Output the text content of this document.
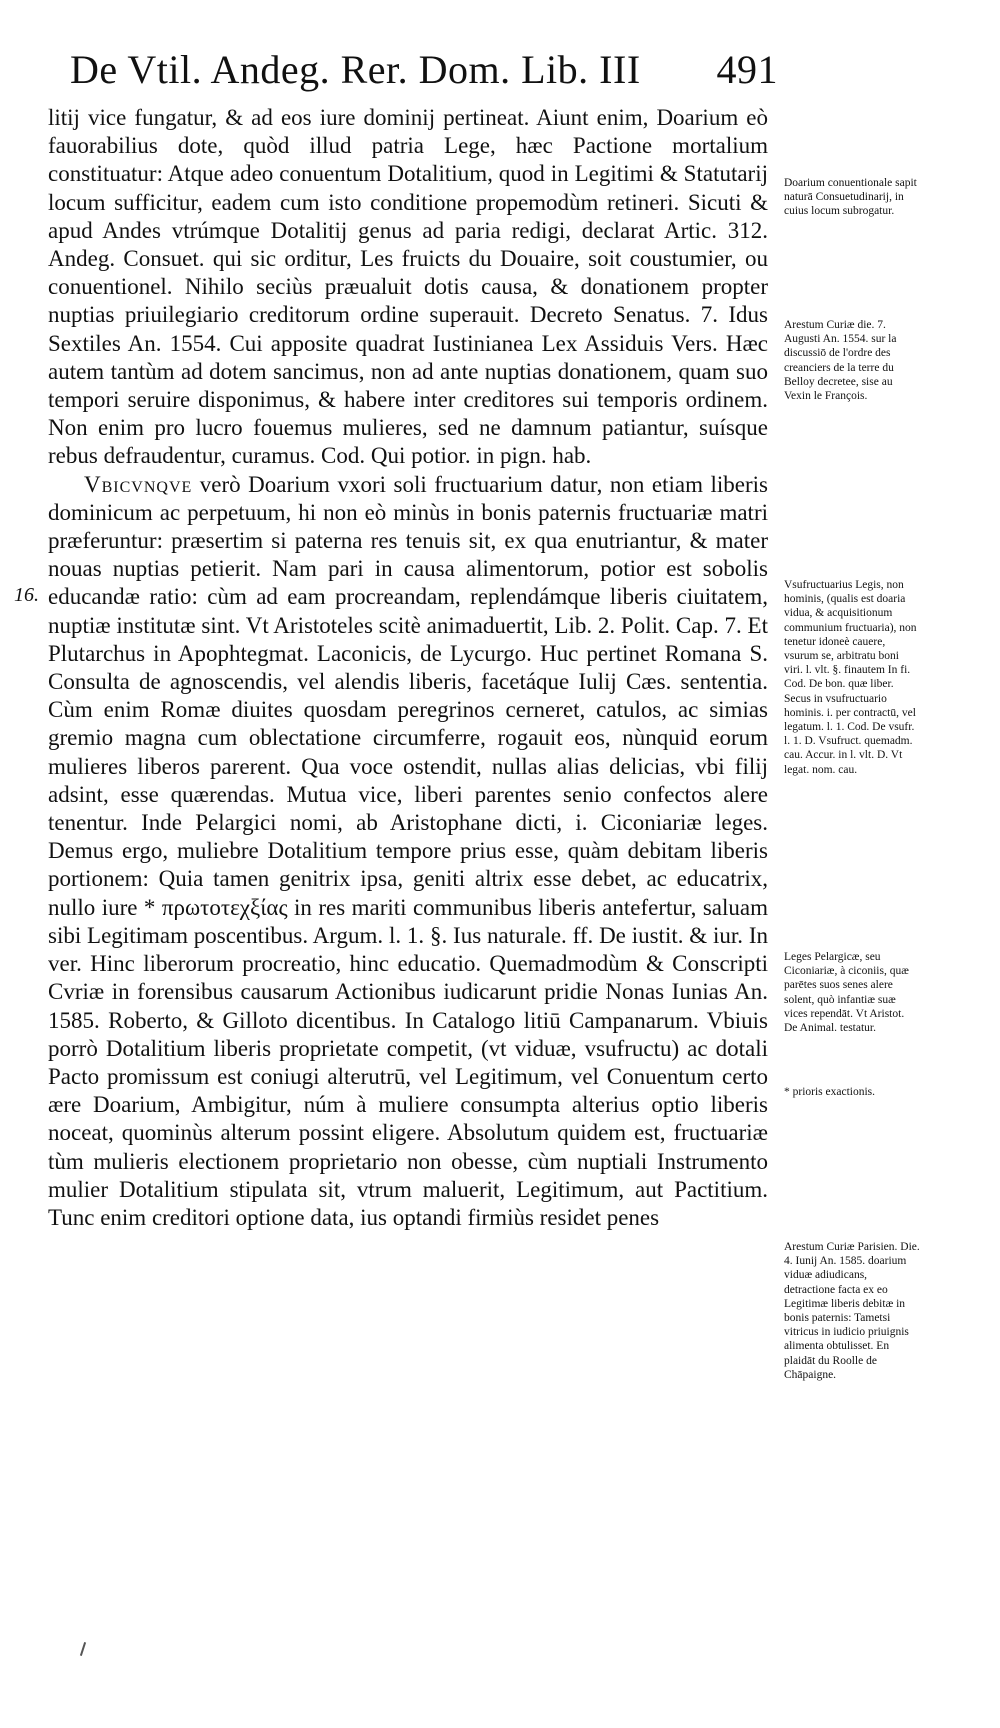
De Vtil. Andeg. Rer. Dom. Lib. III 491
16.

litij vice fungatur, & ad eos iure dominij pertineat. Aiunt enim, Doarium eò fauorabilius dote, quòd illud patria Lege, hæc Pactione mortalium constituatur: Atque adeo conuentum Dotalitium, quod in Legitimi & Statutarij locum sufficitur, eadem cum isto conditione propemodùm retineri. Sicuti & apud Andes vtrúmque Dotalitij genus ad paria redigi, declarat Artic. 312. Andeg. Consuet. qui sic orditur, Les fruicts du Douaire, soit coustumier, ou conuentionel. Nihilo seciùs præualuit dotis causa, & donationem propter nuptias priuilegiario creditorum ordine superauit. Decreto Senatus. 7. Idus Sextiles An. 1554. Cui apposite quadrat Iustinianea Lex Assiduis Vers. Hæc autem tantùm ad dotem sancimus, non ad ante nuptias donationem, quam suo tempori seruire disponimus, & habere inter creditores sui temporis ordinem. Non enim pro lucro fouemus mulieres, sed ne damnum patiantur, suísque rebus defraudentur, curamus. Cod. Qui potior. in pign. hab.

Vbicvnqve verò Doarium vxori soli fructuarium datur, non etiam liberis dominicum ac perpetuum, hi non eò minùs in bonis paternis fructuariæ matri præferuntur: præsertim si paterna res tenuis sit, ex qua enutriantur, & mater nouas nuptias petierit. Nam pari in causa alimentorum, potior est sobolis educandæ ratio: cùm ad eam procreandam, replendámque liberis ciuitatem, nuptiæ institutæ sint. Vt Aristoteles scitè animaduertit, Lib. 2. Polit. Cap. 7. Et Plutarchus in Apophtegmat. Laconicis, de Lycurgo. Huc pertinet Romana S. Consulta de agnoscendis, vel alendis liberis, facetáque Iulij Cæs. sententia. Cùm enim Romæ diuites quosdam peregrinos cerneret, catulos, ac simias gremio magna cum oblectatione circumferre, rogauit eos, nùnquid eorum mulieres liberos parerent. Qua voce ostendit, nullas alias delicias, vbi filij adsint, esse quærendas. Mutua vice, liberi parentes senio confectos alere tenentur. Inde Pelargici nomi, ab Aristophane dicti, i. Ciconiariæ leges. Demus ergo, muliebre Dotalitium tempore prius esse, quàm debitam liberis portionem: Quia tamen genitrix ipsa, geniti altrix esse debet, ac educatrix, nullo iure * πρωτοτεχξίας in res mariti communibus liberis antefertur, saluam sibi Legitimam poscentibus. Argum. l. 1. §. Ius naturale. ff. De iustit. & iur. In ver. Hinc liberorum procreatio, hinc educatio. Quemadmodùm & Conscripti Cvriæ in forensibus causarum Actionibus iudicarunt pridie Nonas Iunias An. 1585. Roberto, & Gilloto dicentibus. In Catalogo litiū Campanarum. Vbiuis porrò Dotalitium liberis proprietate competit, (vt viduæ, vsufructu) ac dotali Pacto promissum est coniugi alterutrū, vel Legitimum, vel Conuentum certo ære Doarium, Ambigitur, núm à muliere consumpta alterius optio liberis noceat, quominùs alterum possint eligere. Absolutum quidem est, fructuariæ tùm mulieris electionem proprietario non obesse, cùm nuptiali Instrumento mulier Dotalitium stipulata sit, vtrum maluerit, Legitimum, aut Pactitium. Tunc enim creditori optione data, ius optandi firmiùs residet penes

Doarium conuentionale sapit naturā Consuetudinarij, in cuius locum subrogatur.
Arestum Curiæ die. 7. Augusti An. 1554. sur la discussiō de l'ordre des creanciers de la terre du Belloy decretee, sise au Vexin le François.
Vsufructuarius Legis, non hominis, (qualis est doaria vidua, & acquisitionum communium fructuaria), non tenetur idoneè cauere, vsurum se, arbitratu boni viri. l. vlt. §. finautem In fi. Cod. De bon. quæ liber. Secus in vsufructuario hominis. i. per contractū, vel legatum. l. 1. Cod. De vsufr. l. 1. D. Vsufruct. quemadm. cau. Accur. in l. vlt. D. Vt legat. nom. cau.
Leges Pelargicæ, seu Ciconiariæ, à ciconiis, quæ parētes suos senes alere solent, quò infantiæ suæ vices rependāt. Vt Aristot. De Animal. testatur.
* prioris exactionis.
Arestum Curiæ Parisien. Die. 4. Iunij An. 1585. doarium viduæ adiudicans, detractione facta ex eo Legitimæ liberis debitæ in bonis paternis: Tametsi vitricus in iudicio priuignis alimenta obtulisset. En plaidāt du Roolle de Chāpaigne.
